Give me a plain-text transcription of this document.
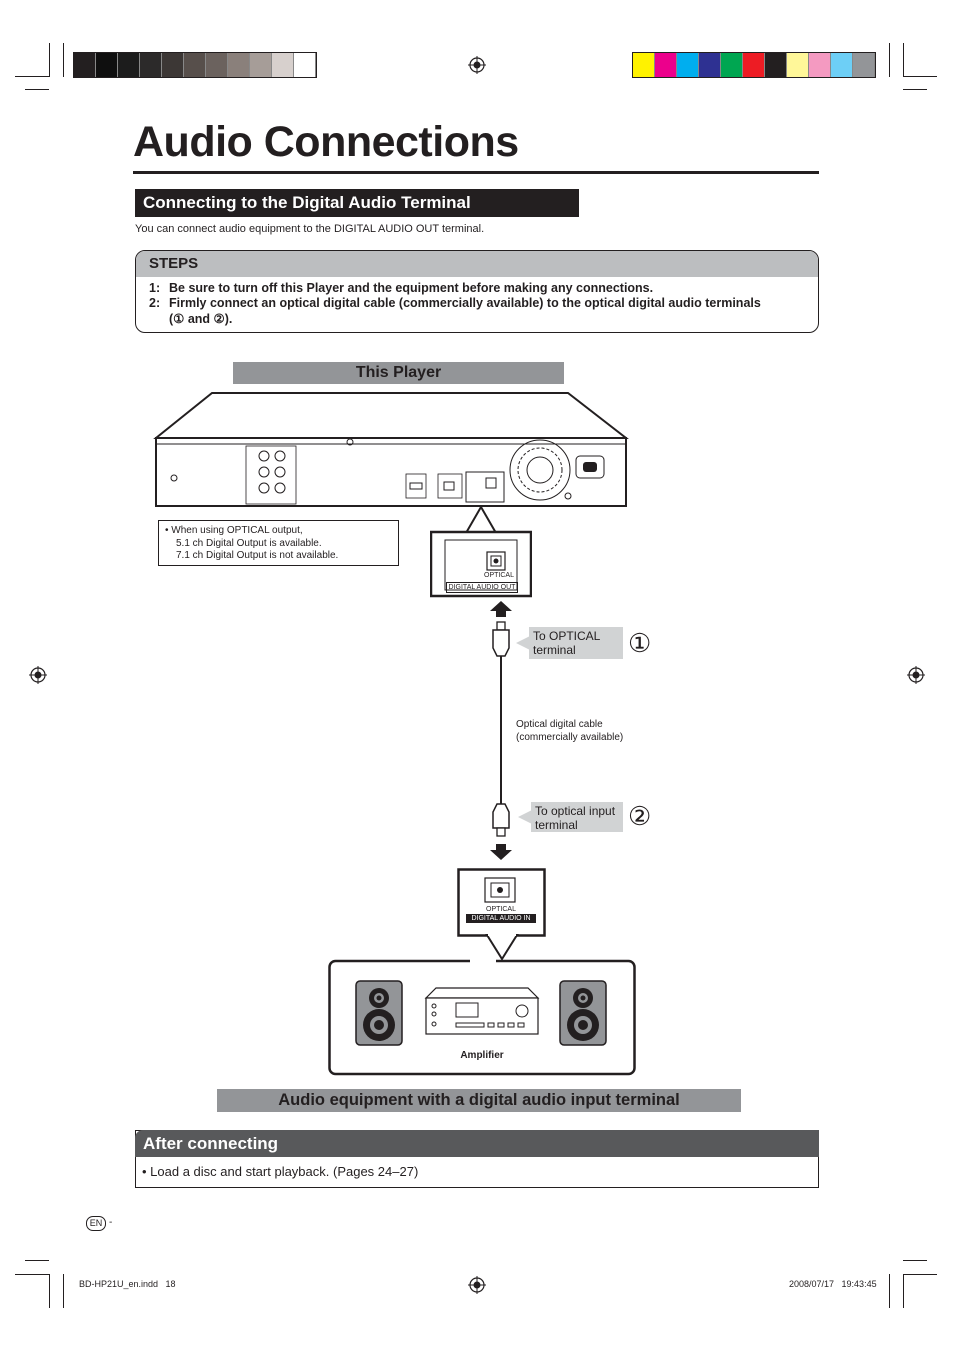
Audio Connections
Connecting to the Digital Audio Terminal
You can connect audio equipment to the DIGITAL AUDIO OUT terminal.
STEPS
1: Be sure to turn off this Player and the equipment before making any connections.
2: Firmly connect an optical digital cable (commercially available) to the optical digital audio terminals
(① and ②).
This Player
OPTICAL
DIGITAL AUDIO OUT
• When using OPTICAL output,
5.1 ch Digital Output is available.
7.1 ch Digital Output is not available.
To OPTICAL terminal	①
Optical digital cable
(commercially available)
To optical input terminal	②
OPTICAL
DIGITAL AUDIO IN
Amplifier
Audio equipment with a digital audio input terminal
After connecting
• Load a disc and start playback. (Pages 24–27)
EN -
BD-HP21U_en.indd   18	2008/07/17   19:43:45
